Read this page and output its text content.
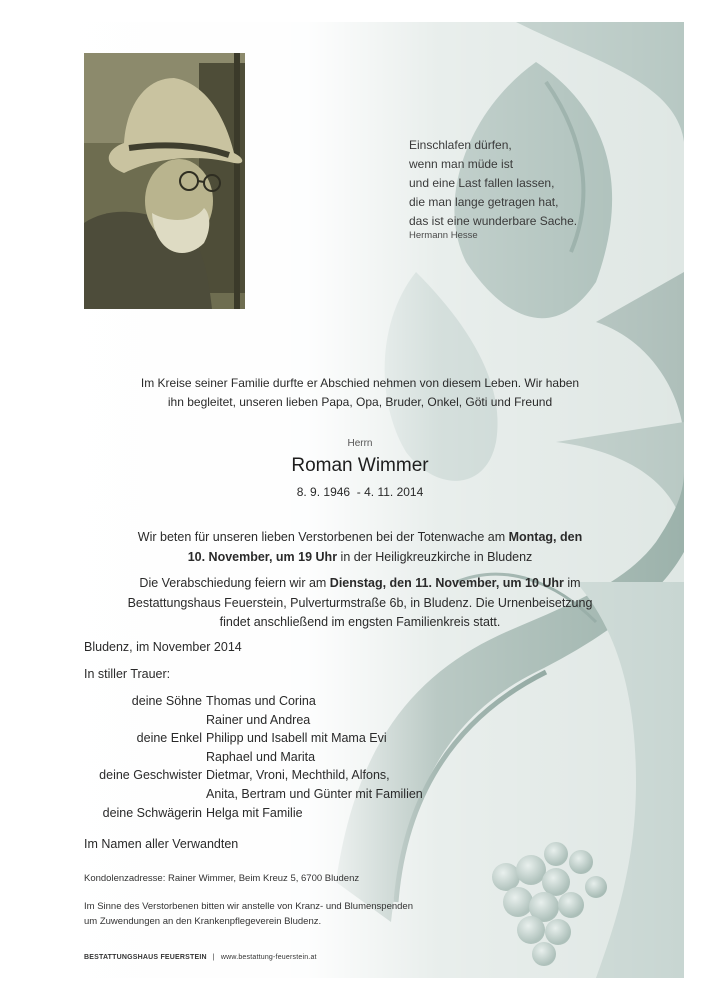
Einschlafen dürfen,
wenn man müde ist
und eine Last fallen lassen,
die man lange getragen hat,
das ist eine wunderbare Sache.
Hermann Hesse
Im Kreise seiner Familie durfte er Abschied nehmen von diesem Leben. Wir haben
ihn begleitet, unseren lieben Papa, Opa, Bruder, Onkel, Göti und Freund
Herrn
Roman Wimmer
8. 9. 1946  - 4. 11. 2014
Wir beten für unseren lieben Verstorbenen bei der Totenwache am Montag, den
10. November, um 19 Uhr in der Heiligkreuzkirche in Bludenz
Die Verabschiedung feiern wir am Dienstag, den 11. November, um 10 Uhr im
Bestattungshaus Feuerstein, Pulverturmstraße 6b, in Bludenz. Die Urnenbeisetzung
findet anschließend im engsten Familienkreis statt.
Bludenz, im November 2014
In stiller Trauer:
deine Söhne Thomas und Corina
Rainer und Andrea
deine Enkel Philipp und Isabell mit Mama Evi
Raphael und Marita
deine Geschwister Dietmar, Vroni, Mechthild, Alfons,
Anita, Bertram und Günter mit Familien
deine Schwägerin Helga mit Familie
Im Namen aller Verwandten
Kondolenzadresse: Rainer Wimmer, Beim Kreuz 5, 6700 Bludenz
Im Sinne des Verstorbenen bitten wir anstelle von Kranz- und Blumenspenden
um Zuwendungen an den Krankenpflegeverein Bludenz.
BESTATTUNGSHAUS FEUERSTEIN | www.bestattung-feuerstein.at
